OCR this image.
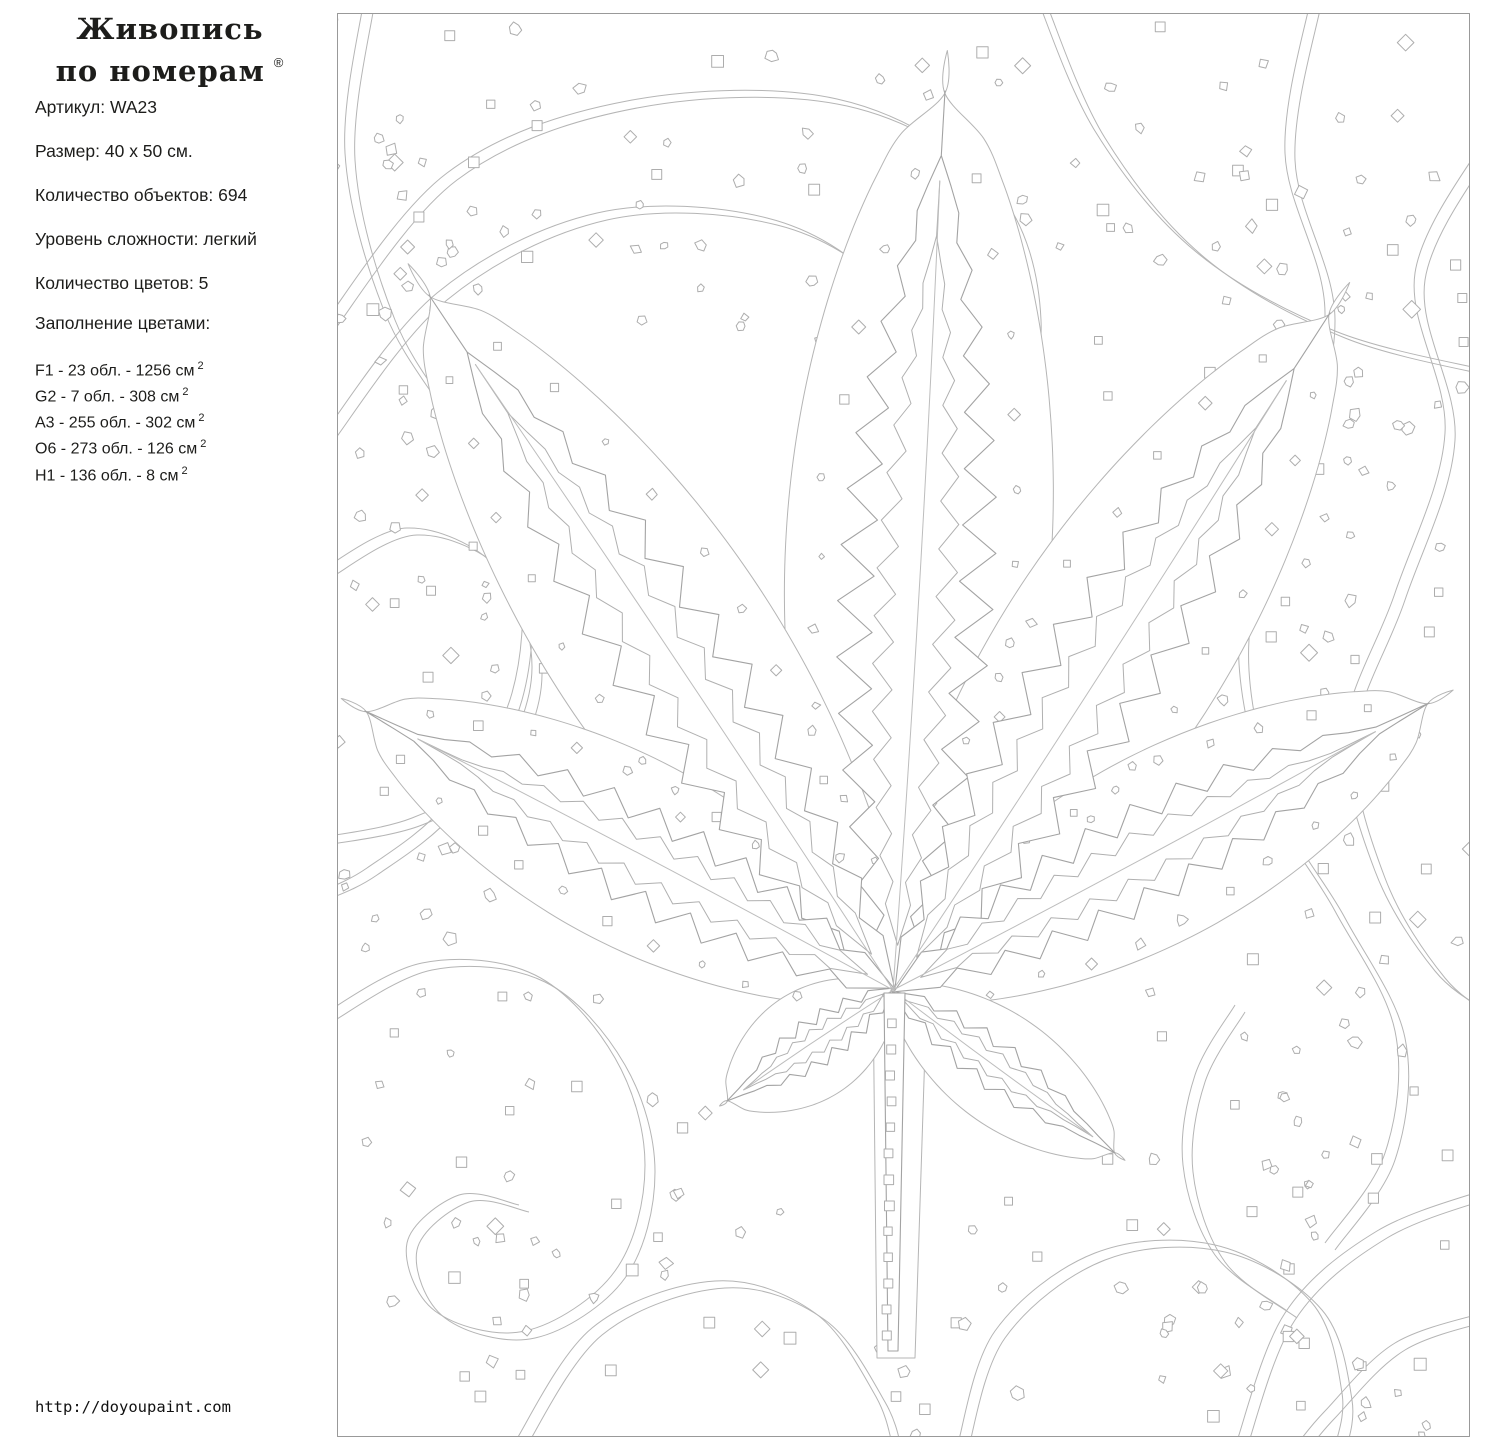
Живопись
по номерам ®
Артикул: WA23
Размер: 40 x 50 см.
Количество объектов: 694
Уровень сложности: легкий
Количество цветов: 5
Заполнение цветами:
F1 - 23 обл. - 1256 см $^2$
G2 - 7 обл. - 308 см $^2$
A3 - 255 обл. - 302 см $^2$
O6 - 273 обл. - 126 см $^2$
H1 - 136 обл. - 8 см $^2$
http://doyoupaint.com
